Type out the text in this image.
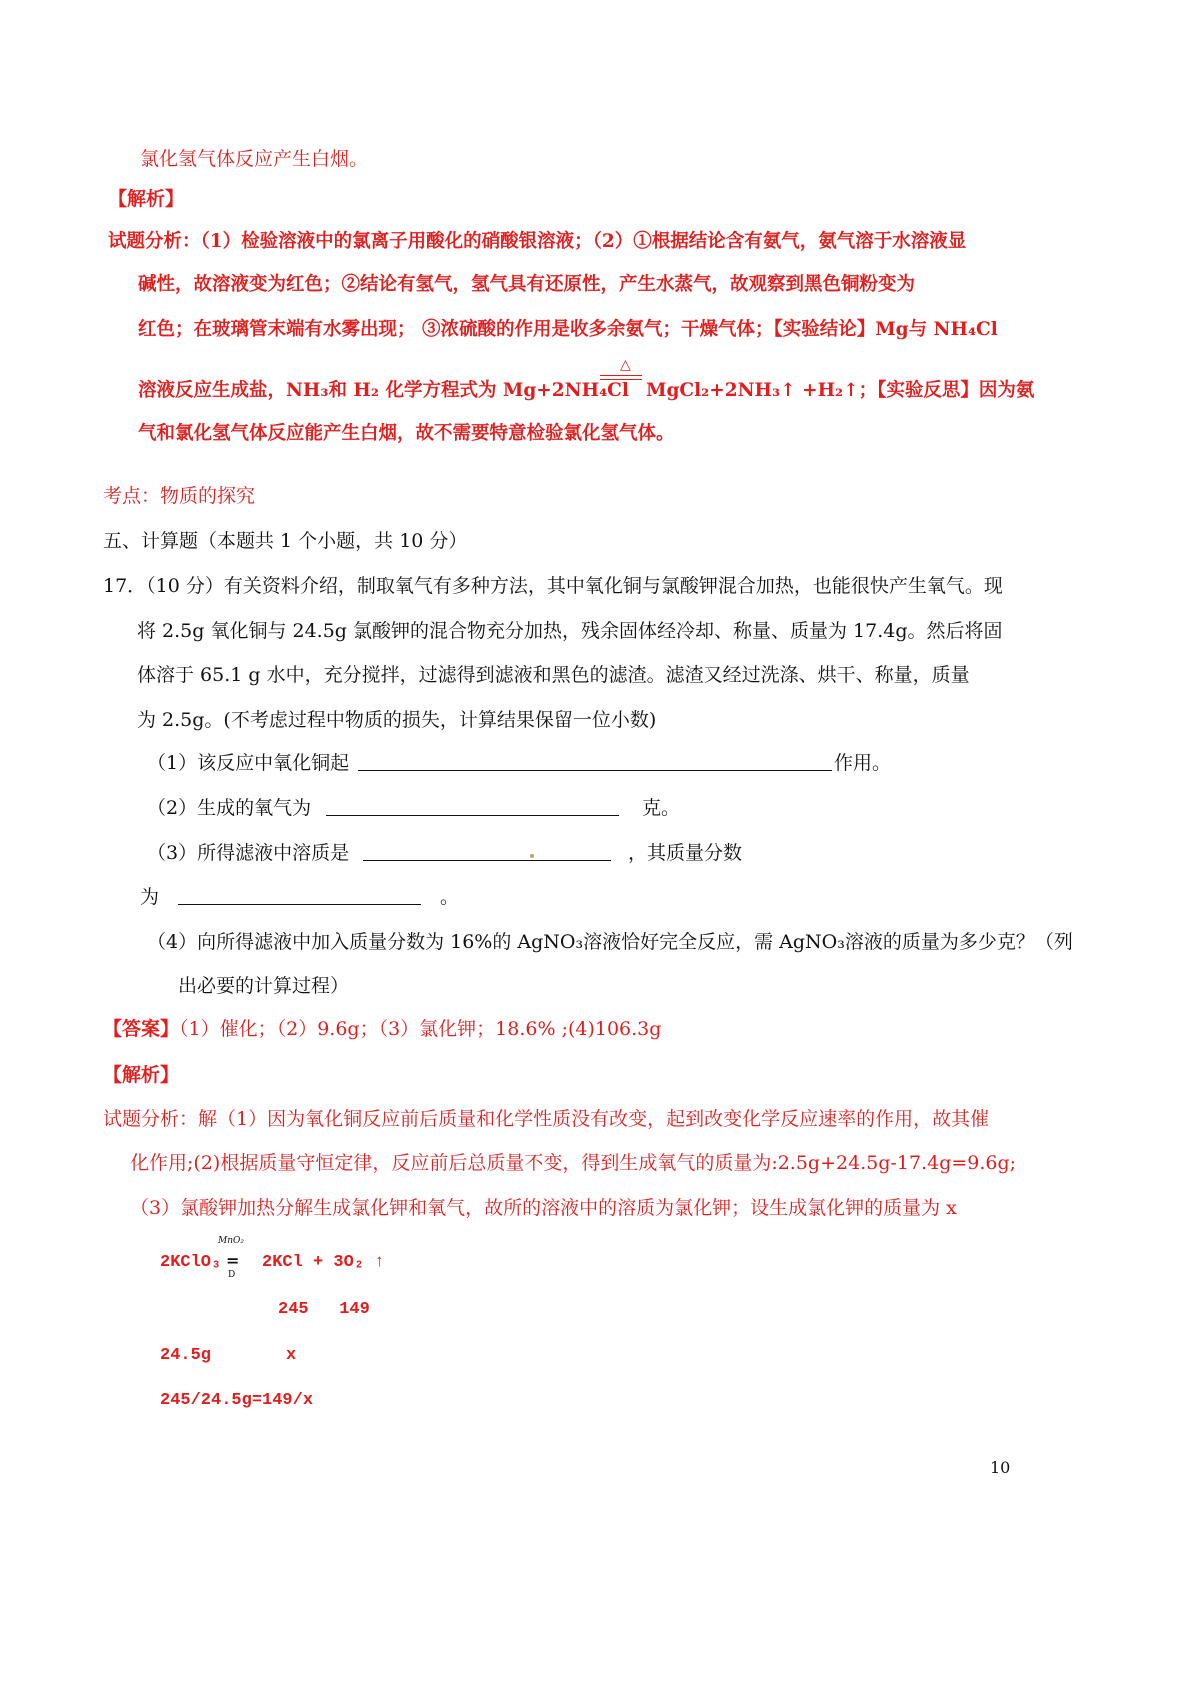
氯化氢气体反应产生白烟。
【解析】
试题分析：（1）检验溶液中的氯离子用酸化的硝酸银溶液；（2）①根据结论含有氨气，氨气溶于水溶液显
碱性，故溶液变为红色；②结论有氢气，氢气具有还原性，产生水蒸气，故观察到黑色铜粉变为
红色；在玻璃管末端有水雾出现； ③浓硫酸的作用是收多余氨气；干燥气体；【实验结论】Mg与 NH₄Cl
△
溶液反应生成盐，NH₃和 H₂ 化学方程式为 Mg+2NH₄Cl MgCl₂+2NH₃↑ +H₂↑；【实验反思】因为氨
气和氯化氢气体反应能产生白烟，故不需要特意检验氯化氢气体。
考点：物质的探究
五、计算题（本题共 1 个小题，共 10 分）
17．（10 分）有关资料介绍，制取氧气有多种方法，其中氧化铜与氯酸钾混合加热，也能很快产生氧气。现
将 2.5g 氧化铜与 24.5g 氯酸钾的混合物充分加热，残余固体经冷却、称量、质量为 17.4g。然后将固
体溶于 65.1 g 水中，充分搅拌，过滤得到滤液和黑色的滤渣。滤渣又经过洗涤、烘干、称量，质量
为 2.5g。(不考虑过程中物质的损失，计算结果保留一位小数)
（1）该反应中氧化铜起	作用。
（2）生成的氧气为	克。
（3）所得滤液中溶质是	，其质量分数
为	。
（4）向所得滤液中加入质量分数为 16%的 AgNO₃溶液恰好完全反应，需 AgNO₃溶液的质量为多少克？（列
出必要的计算过程）
【答案】（1）催化；（2）9.6g；（3）氯化钾；18.6% ;(4)106.3g
【解析】
试题分析：解（1）因为氧化铜反应前后质量和化学性质没有改变，起到改变化学反应速率的作用，故其催
化作用;(2)根据质量守恒定律，反应前后总质量不变，得到生成氧气的质量为:2.5g+24.5g-17.4g=9.6g;
（3）氯酸钾加热分解生成氯化钾和氧气，故所的溶液中的溶质为氯化钾；设生成氯化钾的质量为 x
MnO₂
=
D
2KClO₃ 2KCl + 3O₂ ↑
245   149
24.5g	x
245/24.5g=149/x
10
